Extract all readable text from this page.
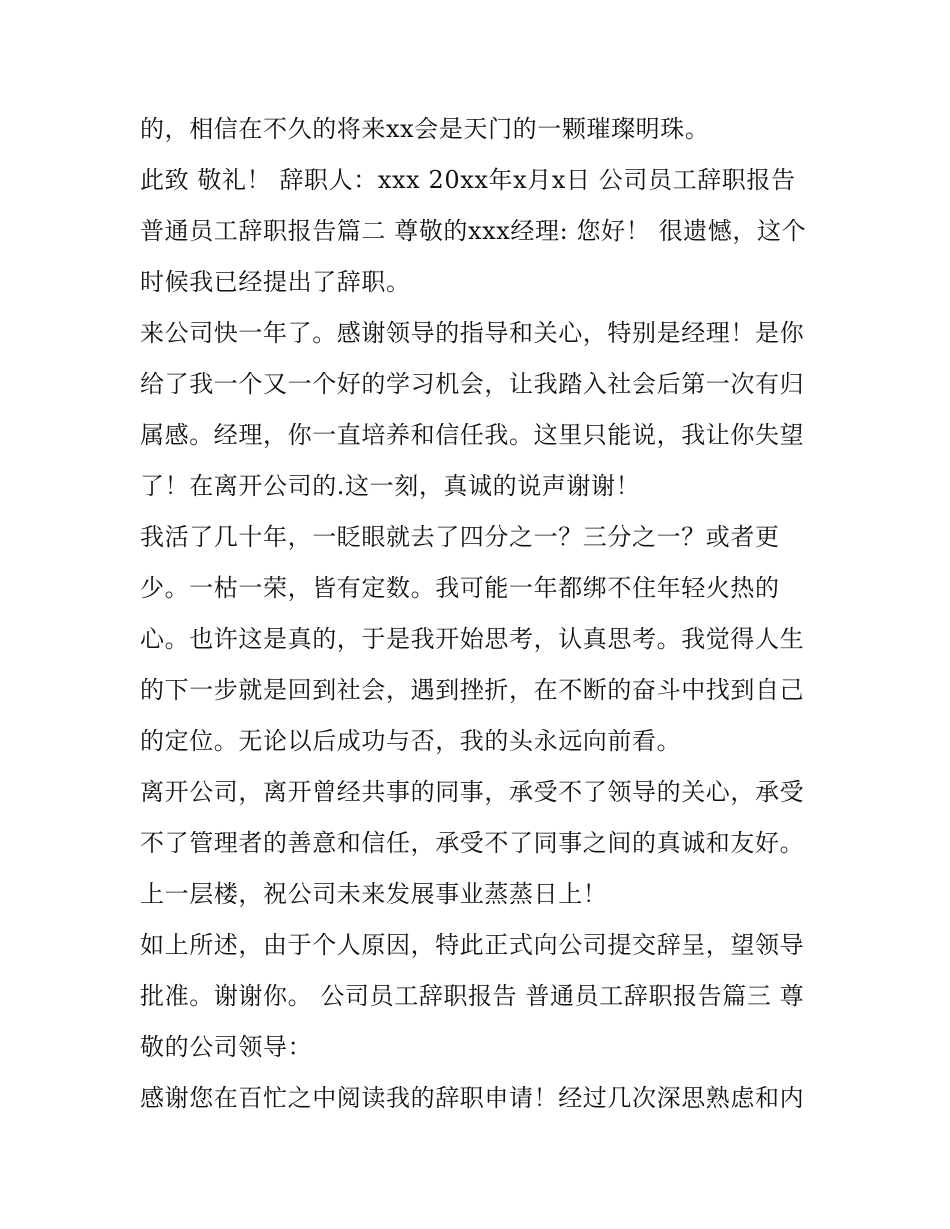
的，相信在不久的将来xx会是天门的一颗璀璨明珠。
此致 敬礼！ 辞职人：xxx 20xx年x月x日 公司员工辞职报告
普通员工辞职报告篇二 尊敬的xxx经理: 您好！ 很遗憾，这个
时候我已经提出了辞职。
来公司快一年了。感谢领导的指导和关心，特别是经理！是你
给了我一个又一个好的学习机会，让我踏入社会后第一次有归
属感。经理，你一直培养和信任我。这里只能说，我让你失望
了！在离开公司的.这一刻，真诚的说声谢谢！
我活了几十年，一眨眼就去了四分之一？三分之一？或者更
少。一枯一荣，皆有定数。我可能一年都绑不住年轻火热的
心。也许这是真的，于是我开始思考，认真思考。我觉得人生
的下一步就是回到社会，遇到挫折，在不断的奋斗中找到自己
的定位。无论以后成功与否，我的头永远向前看。
离开公司，离开曾经共事的同事，承受不了领导的关心，承受
不了管理者的善意和信任，承受不了同事之间的真诚和友好。
上一层楼，祝公司未来发展事业蒸蒸日上！
如上所述，由于个人原因，特此正式向公司提交辞呈，望领导
批准。谢谢你。 公司员工辞职报告 普通员工辞职报告篇三 尊
敬的公司领导：
感谢您在百忙之中阅读我的辞职申请！经过几次深思熟虑和内
